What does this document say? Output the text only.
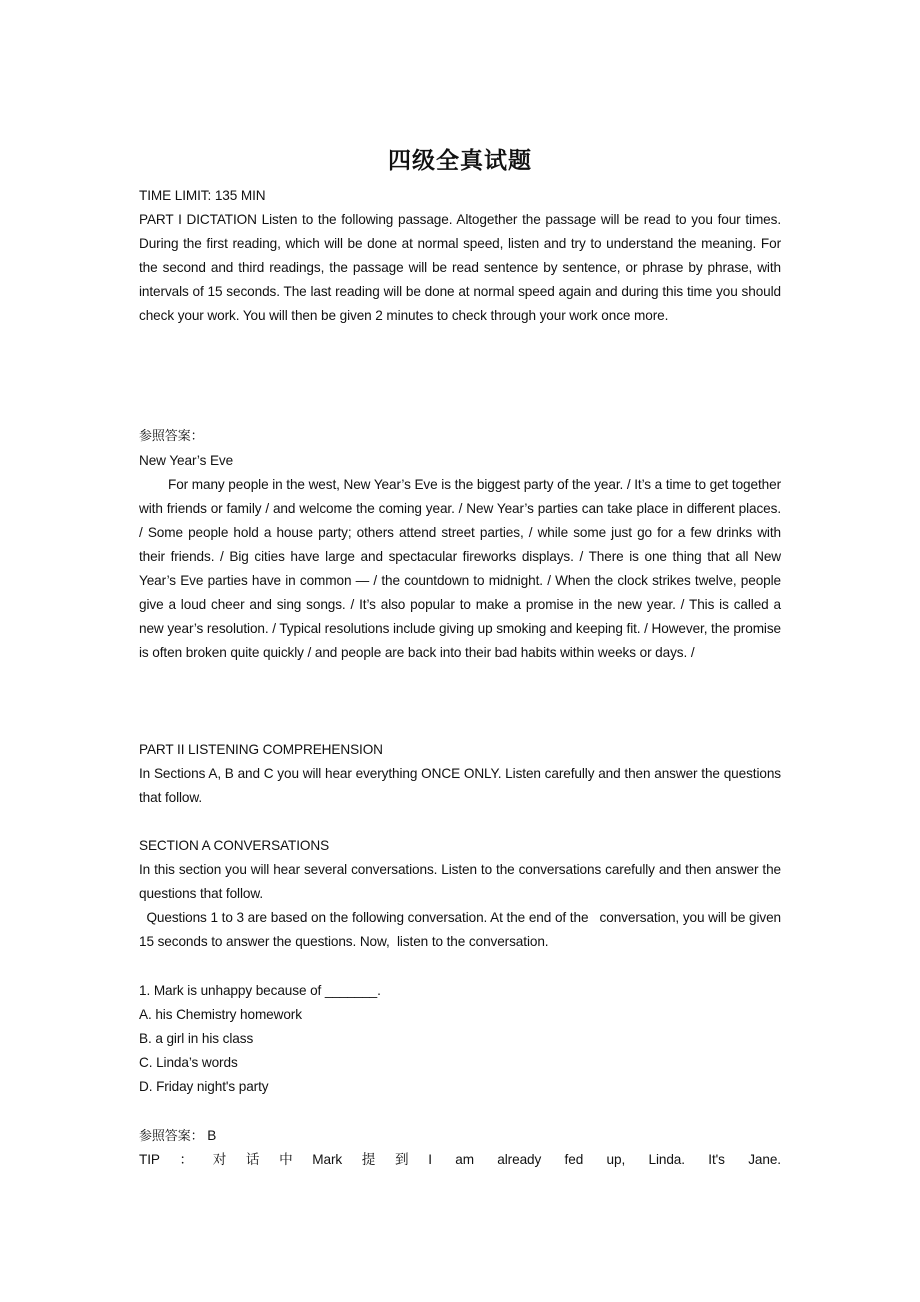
四级全真试题
TIME LIMIT: 135 MIN
PART I DICTATION Listen to the following passage. Altogether the passage will be read to you four times. During the first reading, which will be done at normal speed, listen and try to understand the meaning. For the second and third readings, the passage will be read sentence by sentence, or phrase by phrase, with intervals of 15 seconds. The last reading will be done at normal speed again and during this time you should check your work. You will then be given 2 minutes to check through your work once more.
参照答案：
New Year’s Eve
For many people in the west, New Year’s Eve is the biggest party of the year. / It’s a time to get together with friends or family / and welcome the coming year. / New Year’s parties can take place in different places. / Some people hold a house party; others attend street parties, / while some just go for a few drinks with their friends. / Big cities have large and spectacular fireworks displays. / There is one thing that all New Year’s Eve parties have in common — / the countdown to midnight. / When the clock strikes twelve, people give a loud cheer and sing songs. / It’s also popular to make a promise in the new year. / This is called a new year’s resolution. / Typical resolutions include giving up smoking and keeping fit. / However, the promise is often broken quite quickly / and people are back into their bad habits within weeks or days. /
PART II LISTENING COMPREHENSION
In Sections A, B and C you will hear everything ONCE ONLY. Listen carefully and then answer the questions that follow.
SECTION A CONVERSATIONS
In this section you will hear several conversations. Listen to the conversations carefully and then answer the questions that follow.
Questions 1 to 3 are based on the following conversation. At the end of the   conversation, you will be given 15 seconds to answer the questions. Now,  listen to the conversation.
1. Mark is unhappy because of _______.
A. his Chemistry homework
B. a girl in his class
C. Linda’s words
D. Friday night's party
参照答案： B
TIP：对话中Mark提到I am already fed up, Linda. It's Jane.
